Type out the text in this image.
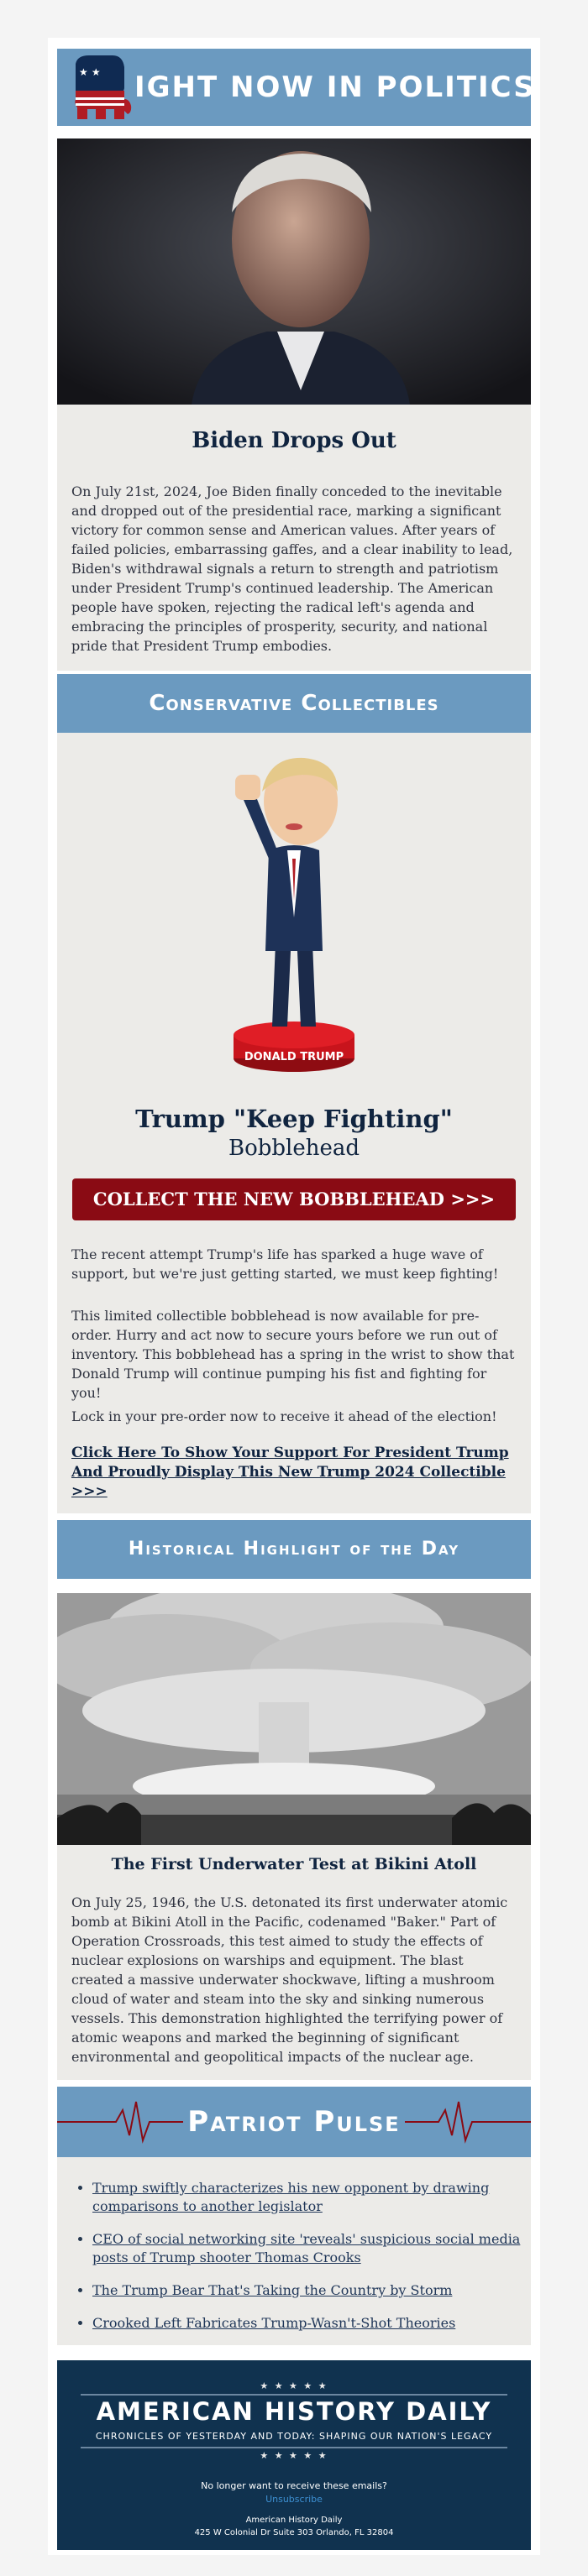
★ ★ IGHT NOW IN POLITICS
Biden Drops Out

On July 21st, 2024, Joe Biden finally conceded to the inevitable and dropped out of the presidential race, marking a significant victory for common sense and American values. After years of failed policies, embarrassing gaffes, and a clear inability to lead, Biden's withdrawal signals a return to strength and patriotism under President Trump's continued leadership. The American people have spoken, rejecting the radical left's agenda and embracing the principles of prosperity, security, and national pride that President Trump embodies.

Conservative Collectibles
DONALD TRUMP
Trump "Keep Fighting"
Bobblehead
COLLECT THE NEW BOBBLEHEAD >>>

The recent attempt Trump's life has sparked a huge wave of support, but we're just getting started, we must keep fighting!

This limited collectible bobblehead is now available for pre-order. Hurry and act now to secure yours before we run out of inventory. This bobblehead has a spring in the wrist to show that Donald Trump will continue pumping his fist and fighting for you!

Lock in your pre-order now to receive it ahead of the election!

Click Here To Show Your Support For President Trump And Proudly Display This New Trump 2024 Collectible >>>
Historical Highlight of the Day
The First Underwater Test at Bikini Atoll

On July 25, 1946, the U.S. detonated its first underwater atomic bomb at Bikini Atoll in the Pacific, codenamed "Baker." Part of Operation Crossroads, this test aimed to study the effects of nuclear explosions on warships and equipment. The blast created a massive underwater shockwave, lifting a mushroom cloud of water and steam into the sky and sinking numerous vessels. This demonstration highlighted the terrifying power of atomic weapons and marked the beginning of significant environmental and geopolitical impacts of the nuclear age.

Patriot Pulse
• Trump swiftly characterizes his new opponent by drawing comparisons to another legislator
• CEO of social networking site 'reveals' suspicious social media posts of Trump shooter Thomas Crooks
• The Trump Bear That's Taking the Country by Storm
• Crooked Left Fabricates Trump-Wasn't-Shot Theories
★ ★ ★ ★ ★
AMERICAN HISTORY DAILY
CHRONICLES OF YESTERDAY AND TODAY: SHAPING OUR NATION'S LEGACY
★ ★ ★ ★ ★
No longer want to receive these emails?
Unsubscribe
American History Daily
425 W Colonial Dr Suite 303 Orlando, FL 32804
